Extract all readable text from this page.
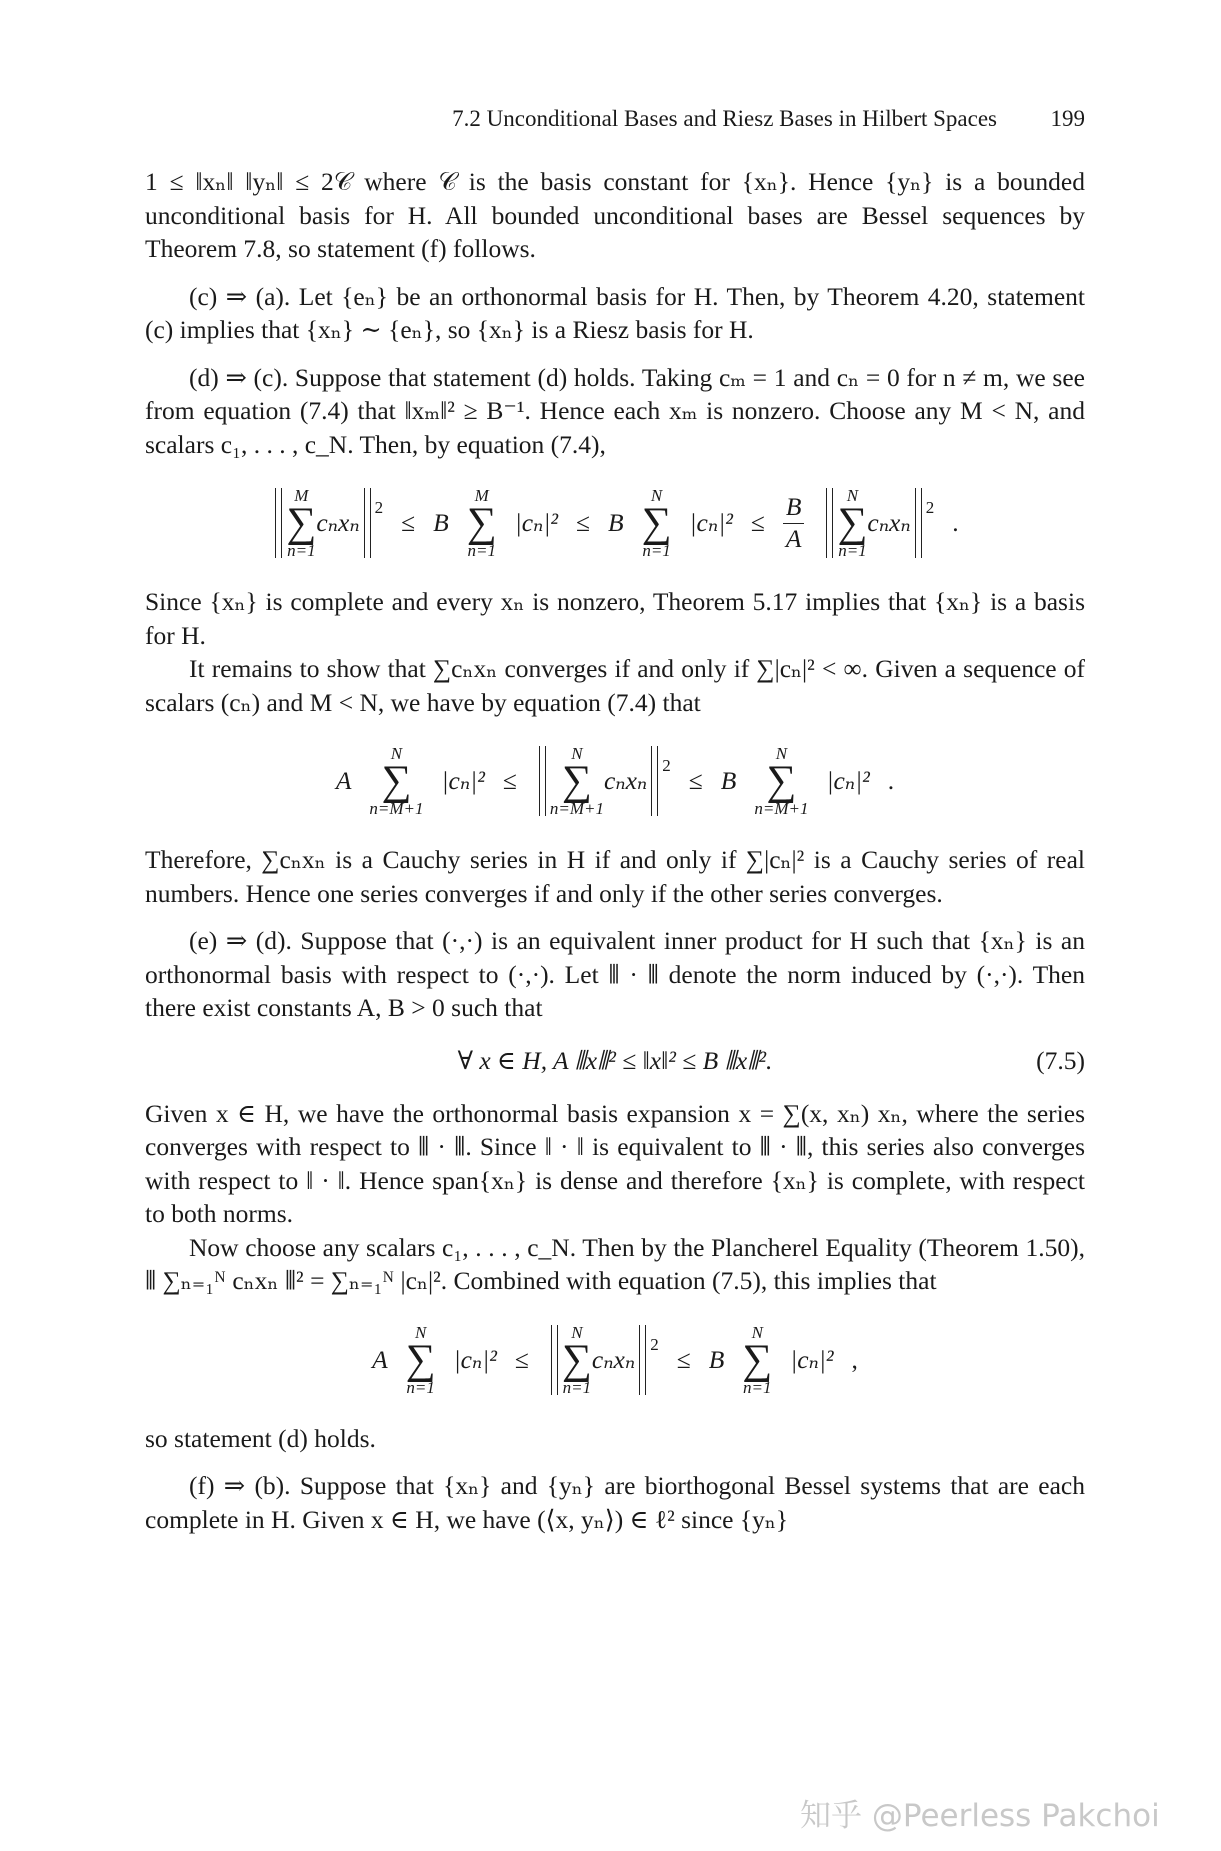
7.2 Unconditional Bases and Riesz Bases in Hilbert Spaces 199

1 ≤ ‖xₙ‖ ‖yₙ‖ ≤ 2𝒞 where 𝒞 is the basis constant for {xₙ}. Hence {yₙ} is a bounded unconditional basis for H. All bounded unconditional bases are Bessel sequences by Theorem 7.8, so statement (f) follows.

(c) ⇒ (a). Let {eₙ} be an orthonormal basis for H. Then, by Theorem 4.20, statement (c) implies that {xₙ} ∼ {eₙ}, so {xₙ} is a Riesz basis for H.

(d) ⇒ (c). Suppose that statement (d) holds. Taking cₘ = 1 and cₙ = 0 for n ≠ m, we see from equation (7.4) that ‖xₘ‖² ≥ B⁻¹. Hence each xₘ is nonzero. Choose any M < N, and scalars c₁, . . . , c_N. Then, by equation (7.4),

M
∑
n=1
cₙxₙ
2
≤ B
M
∑
n=1
|cₙ|² ≤ B
N
∑
n=1
$|c_n|^2 \le \frac{B}{A}$ N
∑
n=1
cₙxₙ
2
.

Since {xₙ} is complete and every xₙ is nonzero, Theorem 5.17 implies that {xₙ} is a basis for H.

It remains to show that ∑cₙxₙ converges if and only if ∑|cₙ|² < ∞. Given a sequence of scalars (cₙ) and M < N, we have by equation (7.4) that

A
N
∑
n=M+1
|cₙ|² ≤
N
∑
n=M+1
cₙxₙ
2
≤ B
N
∑
n=M+1
|cₙ|² .

Therefore, ∑cₙxₙ is a Cauchy series in H if and only if ∑|cₙ|² is a Cauchy series of real numbers. Hence one series converges if and only if the other series converges.

(e) ⇒ (d). Suppose that (·,·) is an equivalent inner product for H such that {xₙ} is an orthonormal basis with respect to (·,·). Let ⦀ · ⦀ denote the norm induced by (·,·). Then there exist constants A, B > 0 such that

∀ x ∈ H, A ⦀x⦀² ≤ ‖x‖² ≤ B ⦀x⦀².	(7.5)

Given x ∈ H, we have the orthonormal basis expansion x = ∑(x, xₙ) xₙ, where the series converges with respect to ⦀ · ⦀. Since ‖ · ‖ is equivalent to ⦀ · ⦀, this series also converges with respect to ‖ · ‖. Hence span{xₙ} is dense and therefore {xₙ} is complete, with respect to both norms.

Now choose any scalars c₁, . . . , c_N. Then by the Plancherel Equality (Theorem 1.50), ⦀ ∑ₙ₌₁ᴺ cₙxₙ ⦀² = ∑ₙ₌₁ᴺ |cₙ|². Combined with equation (7.5), this implies that

A
N
∑
n=1
|cₙ|² ≤
N
∑
n=1
cₙxₙ
2
≤ B
N
∑
n=1
|cₙ|² ,

so statement (d) holds.

(f) ⇒ (b). Suppose that {xₙ} and {yₙ} are biorthogonal Bessel systems that are each complete in H. Given x ∈ H, we have (⟨x, yₙ⟩) ∈ ℓ² since {yₙ}

知乎 @Peerless Pakchoi
